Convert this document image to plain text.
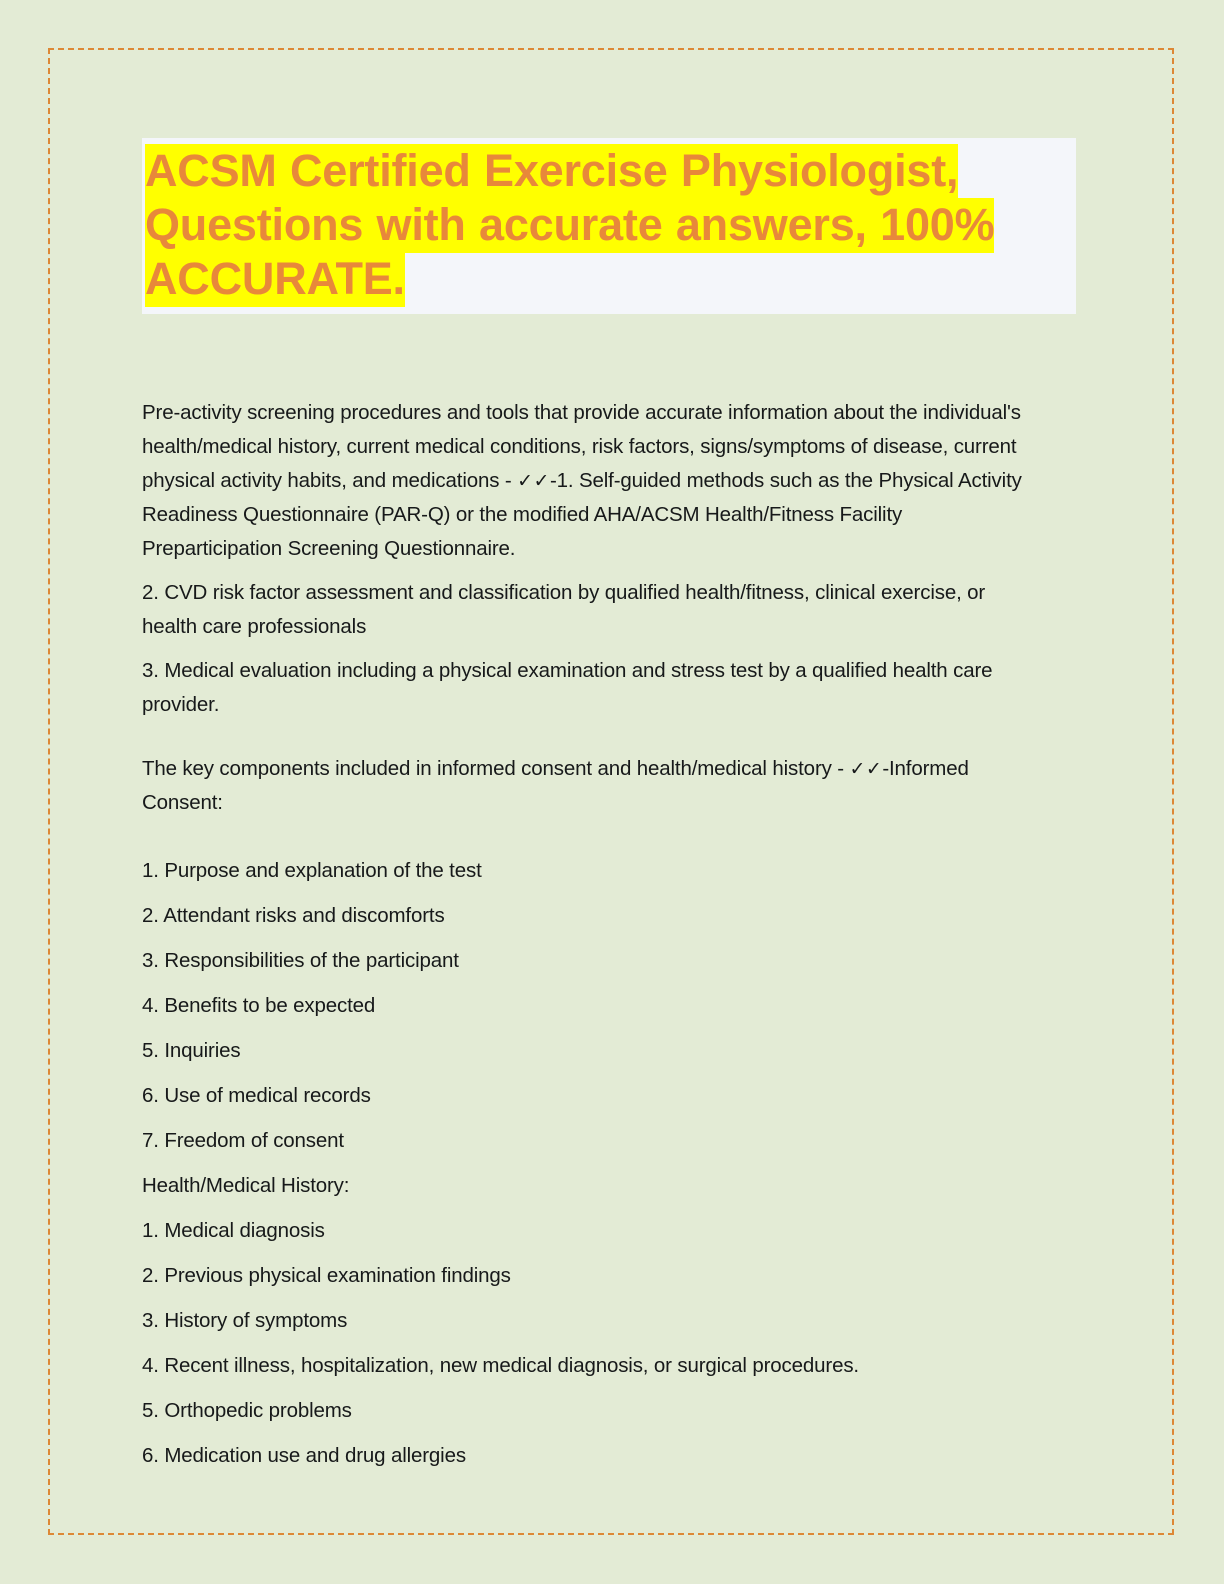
ACSM Certified Exercise Physiologist,
Questions with accurate answers, 100%
ACCURATE.

Pre-activity screening procedures and tools that provide accurate information about the individual's health/medical history, current medical conditions, risk factors, signs/symptoms of disease, current physical activity habits, and medications - ✓✓-1. Self-guided methods such as the Physical Activity Readiness Questionnaire (PAR-Q) or the modified AHA/ACSM Health/Fitness Facility Preparticipation Screening Questionnaire.

2. CVD risk factor assessment and classification by qualified health/fitness, clinical exercise, or health care professionals

3. Medical evaluation including a physical examination and stress test by a qualified health care provider.

The key components included in informed consent and health/medical history - ✓✓-Informed Consent:

1. Purpose and explanation of the test

2. Attendant risks and discomforts

3. Responsibilities of the participant

4. Benefits to be expected

5. Inquiries

6. Use of medical records

7. Freedom of consent

Health/Medical History:

1. Medical diagnosis

2. Previous physical examination findings

3. History of symptoms

4. Recent illness, hospitalization, new medical diagnosis, or surgical procedures.

5. Orthopedic problems

6. Medication use and drug allergies
